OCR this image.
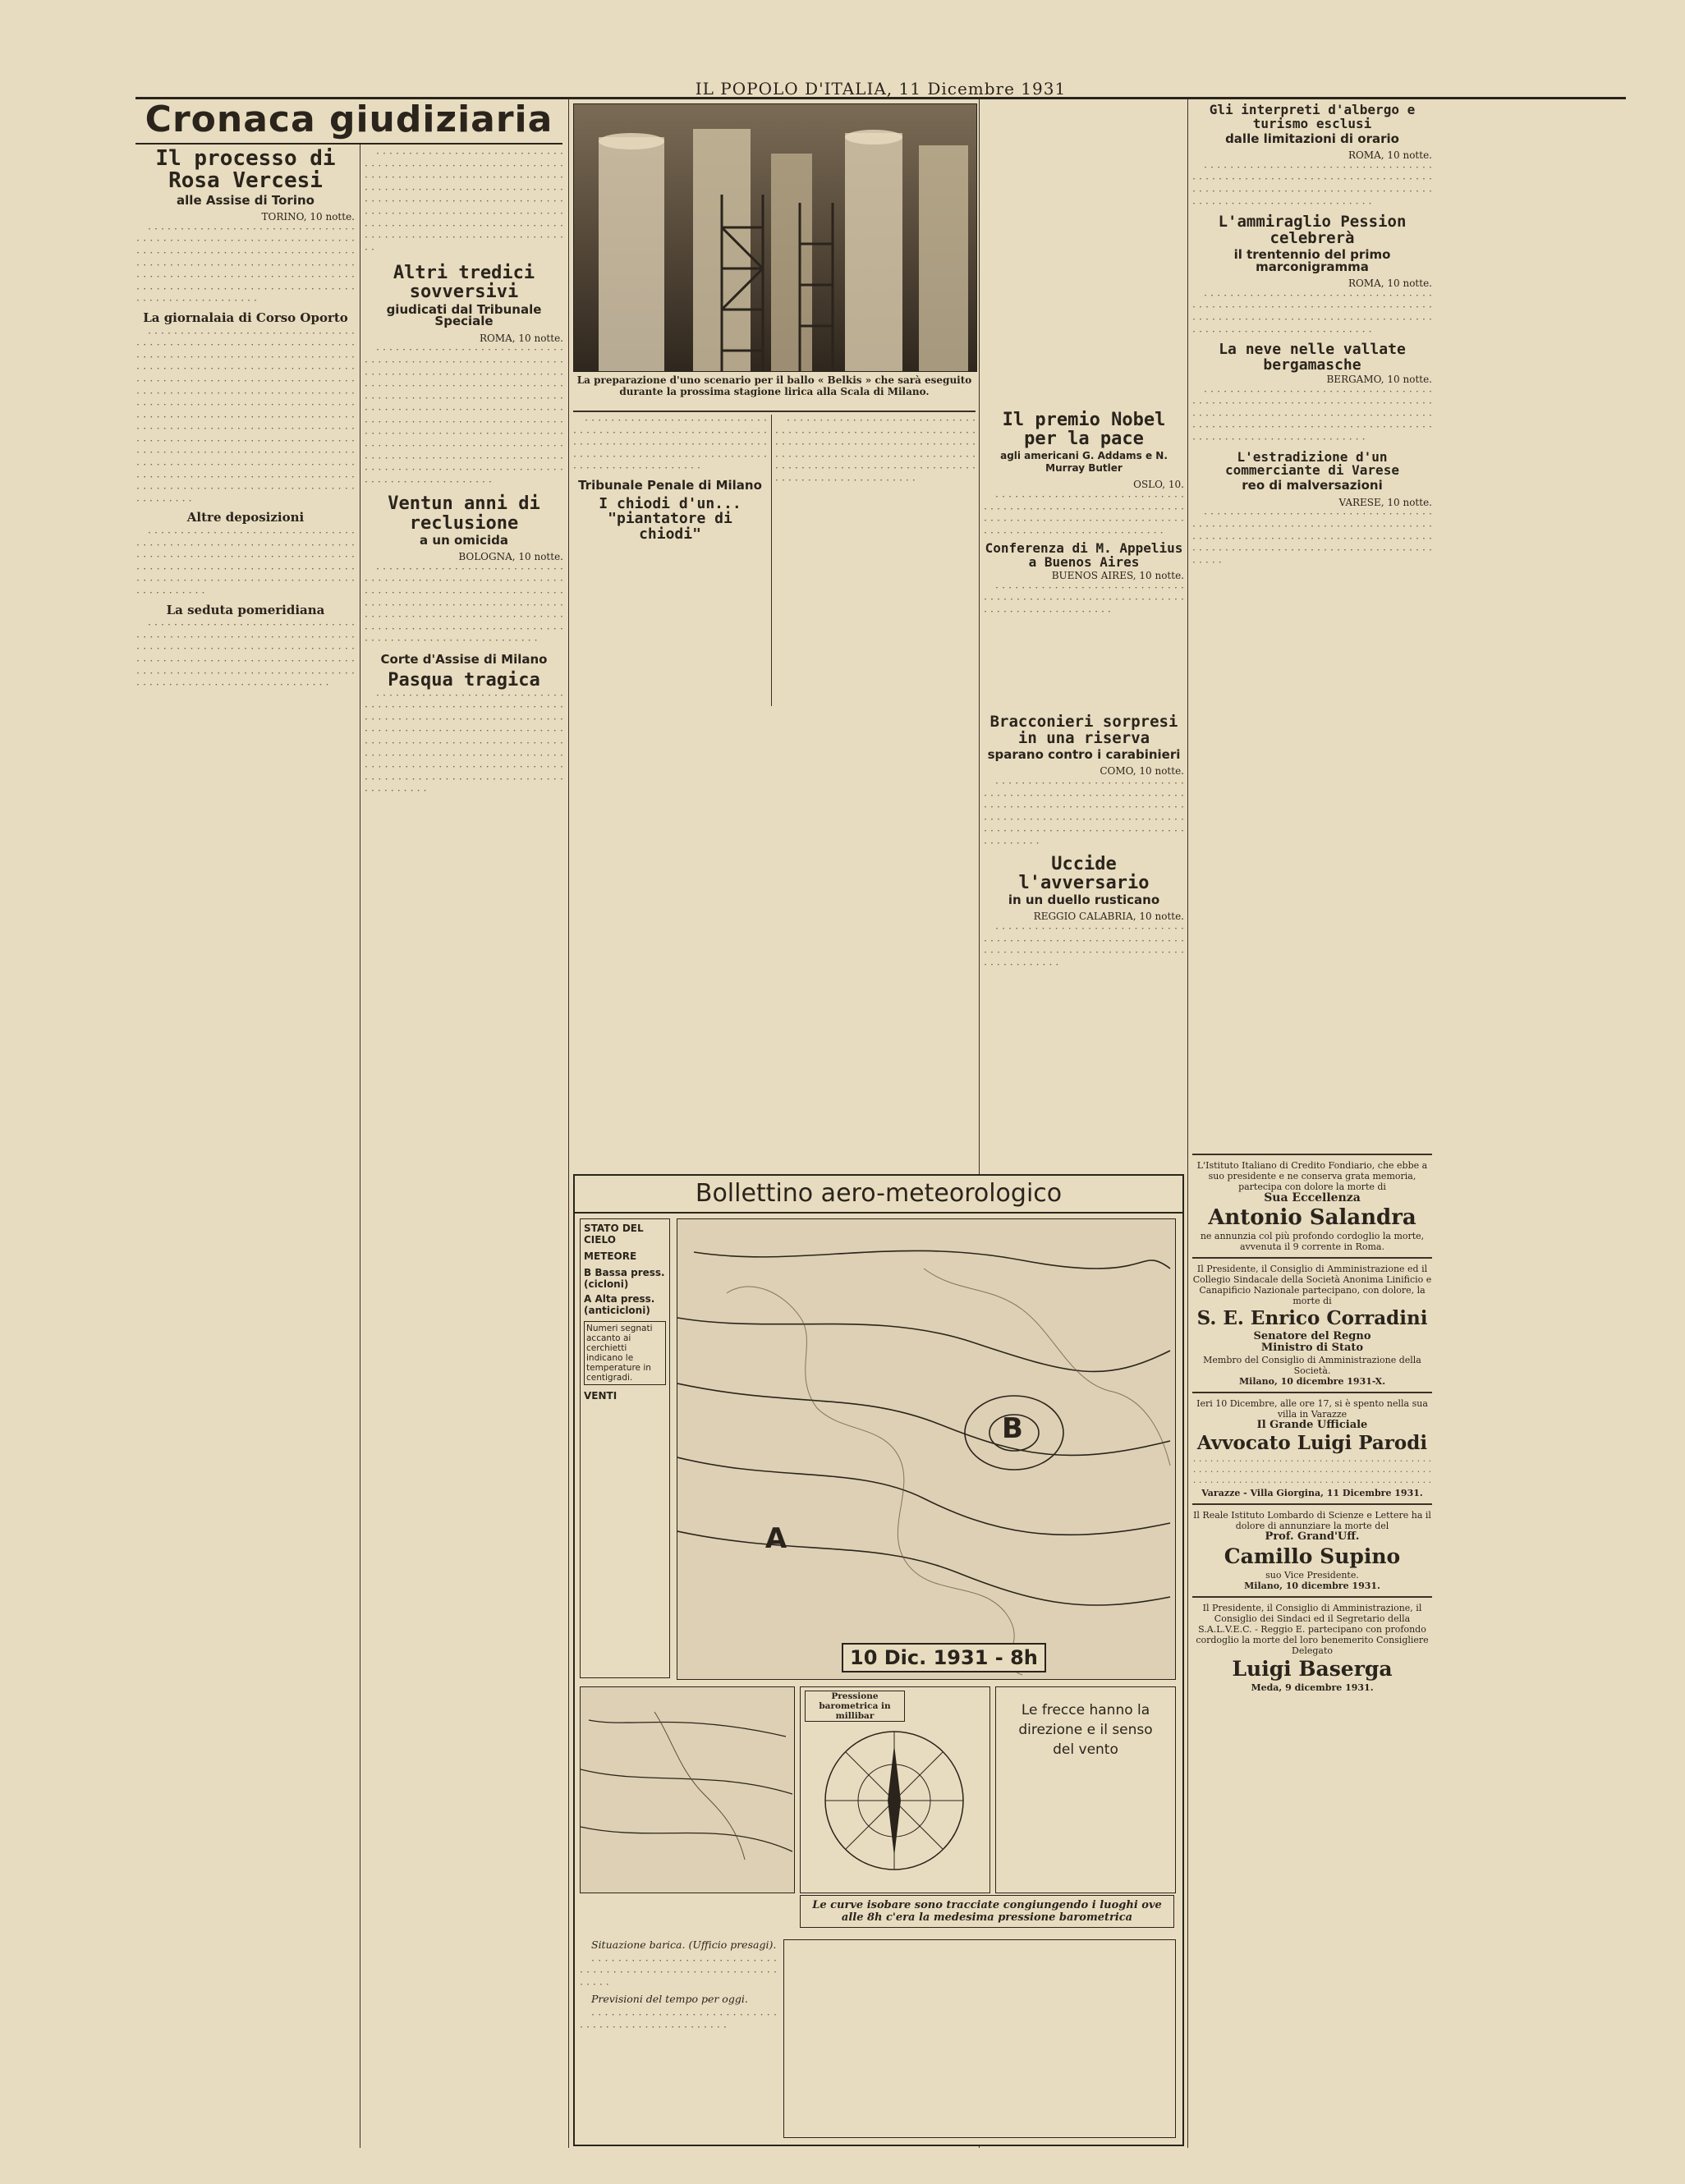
IL POPOLO D'ITALIA, 11 Dicembre 1931
Cronaca giudiziaria
Il processo di Rosa Vercesi
alle Assise di Torino
TORINO, 10 notte.

· · · · · · · · · · · · · · · · · · · · · · · · · · · · · · · · · · · · · · · · · · · · · · · · · · · · · · · · · · · · · · · · · · · · · · · · · · · · · · · · · · · · · · · · · · · · · · · · · · · · · · · · · · · · · · · · · · · · · · · · · · · · · · · · · · · · · · · · · · · · · · · · · · · · · · · · · · · · · · · · · · · · · · · · · · · · · · · · · · · · · · · · · · · · · · · · · · · · · · · · · · · · · · · · · · · · · · · ·

La giornalaia di Corso Oporto

· · · · · · · · · · · · · · · · · · · · · · · · · · · · · · · · · · · · · · · · · · · · · · · · · · · · · · · · · · · · · · · · · · · · · · · · · · · · · · · · · · · · · · · · · · · · · · · · · · · · · · · · · · · · · · · · · · · · · · · · · · · · · · · · · · · · · · · · · · · · · · · · · · · · · · · · · · · · · · · · · · · · · · · · · · · · · · · · · · · · · · · · · · · · · · · · · · · · · · · · · · · · · · · · · · · · · · · · · · · · · · · · · · · · · · · · · · · · · · · · · · · · · · · · · · · · · · · · · · · · · · · · · · · · · · · · · · · · · · · · · · · · · · · · · · · · · · · · · · · · · · · · · · · · · · · · · · · · · · · · · · · · · · · · · · · · · · · · · · · · · · · · · · · · · · · · · · · · · · · · · · · · · · · · · · · · · · · · · · · · · · · · · · · · · · · · · · · · · · · · · · · · · · · · · · · · · · · · · · · · · · · · · · · · · · · · · · · · · · · · · · · · · · · · · · · · · · · · · · · · · · · · · · · · · ·

Altre deposizioni

· · · · · · · · · · · · · · · · · · · · · · · · · · · · · · · · · · · · · · · · · · · · · · · · · · · · · · · · · · · · · · · · · · · · · · · · · · · · · · · · · · · · · · · · · · · · · · · · · · · · · · · · · · · · · · · · · · · · · · · · · · · · · · · · · · · · · · · · · · · · · · · · · · · · · · · · · · · · · · · · · · · · · · · · · · · · · · ·

La seduta pomeridiana

· · · · · · · · · · · · · · · · · · · · · · · · · · · · · · · · · · · · · · · · · · · · · · · · · · · · · · · · · · · · · · · · · · · · · · · · · · · · · · · · · · · · · · · · · · · · · · · · · · · · · · · · · · · · · · · · · · · · · · · · · · · · · · · · · · · · · · · · · · · · · · · · · · · · · · · · · · · · · · · · · · · · · · · · · · · · · · · · · · · · · · · · · · · · · · · · · ·

· · · · · · · · · · · · · · · · · · · · · · · · · · · · · · · · · · · · · · · · · · · · · · · · · · · · · · · · · · · · · · · · · · · · · · · · · · · · · · · · · · · · · · · · · · · · · · · · · · · · · · · · · · · · · · · · · · · · · · · · · · · · · · · · · · · · · · · · · · · · · · · · · · · · · · · · · · · · · · · · · · · · · · · · · · · · · · · · · · · · · · · · · · · · · · · · · · · · · · · · · · · · · · · · · · · · · · · · · · · · · · · · · · · · · · · · · · · · · · · · ·

Altri tredici sovversivi
giudicati dal Tribunale Speciale
ROMA, 10 notte.

· · · · · · · · · · · · · · · · · · · · · · · · · · · · · · · · · · · · · · · · · · · · · · · · · · · · · · · · · · · · · · · · · · · · · · · · · · · · · · · · · · · · · · · · · · · · · · · · · · · · · · · · · · · · · · · · · · · · · · · · · · · · · · · · · · · · · · · · · · · · · · · · · · · · · · · · · · · · · · · · · · · · · · · · · · · · · · · · · · · · · · · · · · · · · · · · · · · · · · · · · · · · · · · · · · · · · · · · · · · · · · · · · · · · · · · · · · · · · · · · · · · · · · · · · · · · · · · · · · · · · · · · · · · · · · · · · · · · · · · · · · · · · · · · · · · · · · · · · · · · · · · · · · · · · · · · · · · · · · · · · · · · · · · · · · · · · · · · · · · · · · · · · · · · ·

Ventun anni di reclusione
a un omicida
BOLOGNA, 10 notte.

· · · · · · · · · · · · · · · · · · · · · · · · · · · · · · · · · · · · · · · · · · · · · · · · · · · · · · · · · · · · · · · · · · · · · · · · · · · · · · · · · · · · · · · · · · · · · · · · · · · · · · · · · · · · · · · · · · · · · · · · · · · · · · · · · · · · · · · · · · · · · · · · · · · · · · · · · · · · · · · · · · · · · · · · · · · · · · · · · · · · · · · · · · · · · · · · · · · · · · · · · · · · · ·

Corte d'Assise di Milano
Pasqua tragica

· · · · · · · · · · · · · · · · · · · · · · · · · · · · · · · · · · · · · · · · · · · · · · · · · · · · · · · · · · · · · · · · · · · · · · · · · · · · · · · · · · · · · · · · · · · · · · · · · · · · · · · · · · · · · · · · · · · · · · · · · · · · · · · · · · · · · · · · · · · · · · · · · · · · · · · · · · · · · · · · · · · · · · · · · · · · · · · · · · · · · · · · · · · · · · · · · · · · · · · · · · · · · · · · · · · · · · · · · · · · · · · · · · · · · · · · · · · · · · · · · · · · · · · · ·

La preparazione d'uno scenario per il ballo « Belkis » che sarà eseguito durante la prossima stagione lirica alla Scala di Milano.

· · · · · · · · · · · · · · · · · · · · · · · · · · · · · · · · · · · · · · · · · · · · · · · · · · · · · · · · · · · · · · · · · · · · · · · · · · · · · · · · · · · · · · · · · · · · · · · · · · · · · · · · · · · · · · · · · · · · · · · · · · · · · · · · · · · · · · · · · ·

Tribunale Penale di Milano
I chiodi d'un... "piantatore di chiodi"

· · · · · · · · · · · · · · · · · · · · · · · · · · · · · · · · · · · · · · · · · · · · · · · · · · · · · · · · · · · · · · · · · · · · · · · · · · · · · · · · · · · · · · · · · · · · · · · · · · · · · · · · · · · · · · · · · · · · · · · · · · · · · · · · · · · · · · · · · · · · · · · · · · · · · · · · · · · · · · · · · · · · · · · · · · · · · · ·

Il premio Nobel per la pace
agli americani G. Addams e N. Murray Butler
OSLO, 10.

· · · · · · · · · · · · · · · · · · · · · · · · · · · · · · · · · · · · · · · · · · · · · · · · · · · · · · · · · · · · · · · · · · · · · · · · · · · · · · · · · · · · · · · · · · · · · · · · · · · · · · · · · · · · · · · · · · · · · · ·

Conferenza di M. Appelius a Buenos Aires
BUENOS AIRES, 10 notte.

· · · · · · · · · · · · · · · · · · · · · · · · · · · · · · · · · · · · · · · · · · · · · · · · · · · · · · · · · · · · · · · · · · · · · · · · · · · · · · · ·

Bracconieri sorpresi in una riserva
sparano contro i carabinieri
COMO, 10 notte.

· · · · · · · · · · · · · · · · · · · · · · · · · · · · · · · · · · · · · · · · · · · · · · · · · · · · · · · · · · · · · · · · · · · · · · · · · · · · · · · · · · · · · · · · · · · · · · · · · · · · · · · · · · · · · · · · · · · · · · · · · · · · · · · · · · · · · · · · · · · · · · · · · · · · · · · · · · · · · · · · · ·

Uccide l'avversario
in un duello rusticano
REGGIO CALABRIA, 10 notte.

· · · · · · · · · · · · · · · · · · · · · · · · · · · · · · · · · · · · · · · · · · · · · · · · · · · · · · · · · · · · · · · · · · · · · · · · · · · · · · · · · · · · · · · · · · · · · · · · · · · · · · ·

Bollettino aero-meteorologico
STATO DEL CIELO
METEORE
B Bassa press. (cicloni)
A Alta press. (anticicloni)
Numeri segnati accanto ai cerchietti indicano le temperature in centigradi.
VENTI
B
A
10 Dic. 1931 - 8h
Pressione barometrica in millibar	Le frecce hanno la direzione e il senso del vento
Le curve isobare sono tracciate congiungendo i luoghi ove alle 8h c'era la medesima pressione barometrica

Situazione barica. (Ufficio presagi).

· · · · · · · · · · · · · · · · · · · · · · · · · · · · · · · · · · · · · · · · · · · · · · · · · · · · · · · · · · · · · · ·

Previsioni del tempo per oggi.

· · · · · · · · · · · · · · · · · · · · · · · · · · · · · · · · · · · · · · · · · · · · · · · · · · ·

Gli interpreti d'albergo e turismo esclusi
dalle limitazioni di orario
ROMA, 10 notte.

· · · · · · · · · · · · · · · · · · · · · · · · · · · · · · · · · · · · · · · · · · · · · · · · · · · · · · · · · · · · · · · · · · · · · · · · · · · · · · · · · · · · · · · · · · · · · · · · · · · · · · · · · · · · · · · · · · · · · · · · · · · · · · · · · · · · · · · · ·

L'ammiraglio Pession celebrerà
il trentennio del primo marconigramma
ROMA, 10 notte.

· · · · · · · · · · · · · · · · · · · · · · · · · · · · · · · · · · · · · · · · · · · · · · · · · · · · · · · · · · · · · · · · · · · · · · · · · · · · · · · · · · · · · · · · · · · · · · · · · · · · · · · · · · · · · · · · · · · · · · · · · · · · · · · · · · · · · · · · ·

La neve nelle vallate bergamasche
BERGAMO, 10 notte.

· · · · · · · · · · · · · · · · · · · · · · · · · · · · · · · · · · · · · · · · · · · · · · · · · · · · · · · · · · · · · · · · · · · · · · · · · · · · · · · · · · · · · · · · · · · · · · · · · · · · · · · · · · · · · · · · · · · · · · · · · · · · · · · · · · · · · · · · · · · · · · · · · · · · · · · · · · · · · · · · · · · · · · · · · · · · ·

L'estradizione d'un commerciante di Varese
reo di malversazioni
VARESE, 10 notte.

· · · · · · · · · · · · · · · · · · · · · · · · · · · · · · · · · · · · · · · · · · · · · · · · · · · · · · · · · · · · · · · · · · · · · · · · · · · · · · · · · · · · · · · · · · · · · · · · · · · · · · · · · · · · · · · · · · · · · · · · · · · · · · · · · · · · · · · · · · · · · · · · · · · · · · ·

L'Istituto Italiano di Credito Fondiario, che ebbe a suo presidente e ne conserva grata memoria, partecipa con dolore la morte di
Sua Eccellenza
Antonio Salandra
ne annunzia col più profondo cordoglio la morte, avvenuta il 9 corrente in Roma.
Il Presidente, il Consiglio di Amministrazione ed il Collegio Sindacale della Società Anonima Linificio e Canapificio Nazionale partecipano, con dolore, la morte di
S. E. Enrico Corradini
Senatore del Regno
Ministro di Stato
Membro del Consiglio di Amministrazione della Società.
Milano, 10 dicembre 1931-X.
Ieri 10 Dicembre, alle ore 17, si è spento nella sua villa in Varazze
Il Grande Ufficiale
Avvocato Luigi Parodi
· · · · · · · · · · · · · · · · · · · · · · · · · · · · · · · · · · · · · · · · · · · · · · · · · · · · · · · · · · · · · · · · · · · · · · · · · · · · · · · · · · · · · · · · · · · · · · · · · · · · · · · · · · · · · · · · · · · · · · · · · · · · · ·
Varazze - Villa Giorgina, 11 Dicembre 1931.
Il Reale Istituto Lombardo di Scienze e Lettere ha il dolore di annunziare la morte del
Prof. Grand'Uff.
Camillo Supino
suo Vice Presidente.
Milano, 10 dicembre 1931.
Il Presidente, il Consiglio di Amministrazione, il Consiglio dei Sindaci ed il Segretario della S.A.L.V.E.C. - Reggio E. partecipano con profondo cordoglio la morte del loro benemerito Consigliere Delegato
Luigi Baserga
Meda, 9 dicembre 1931.
